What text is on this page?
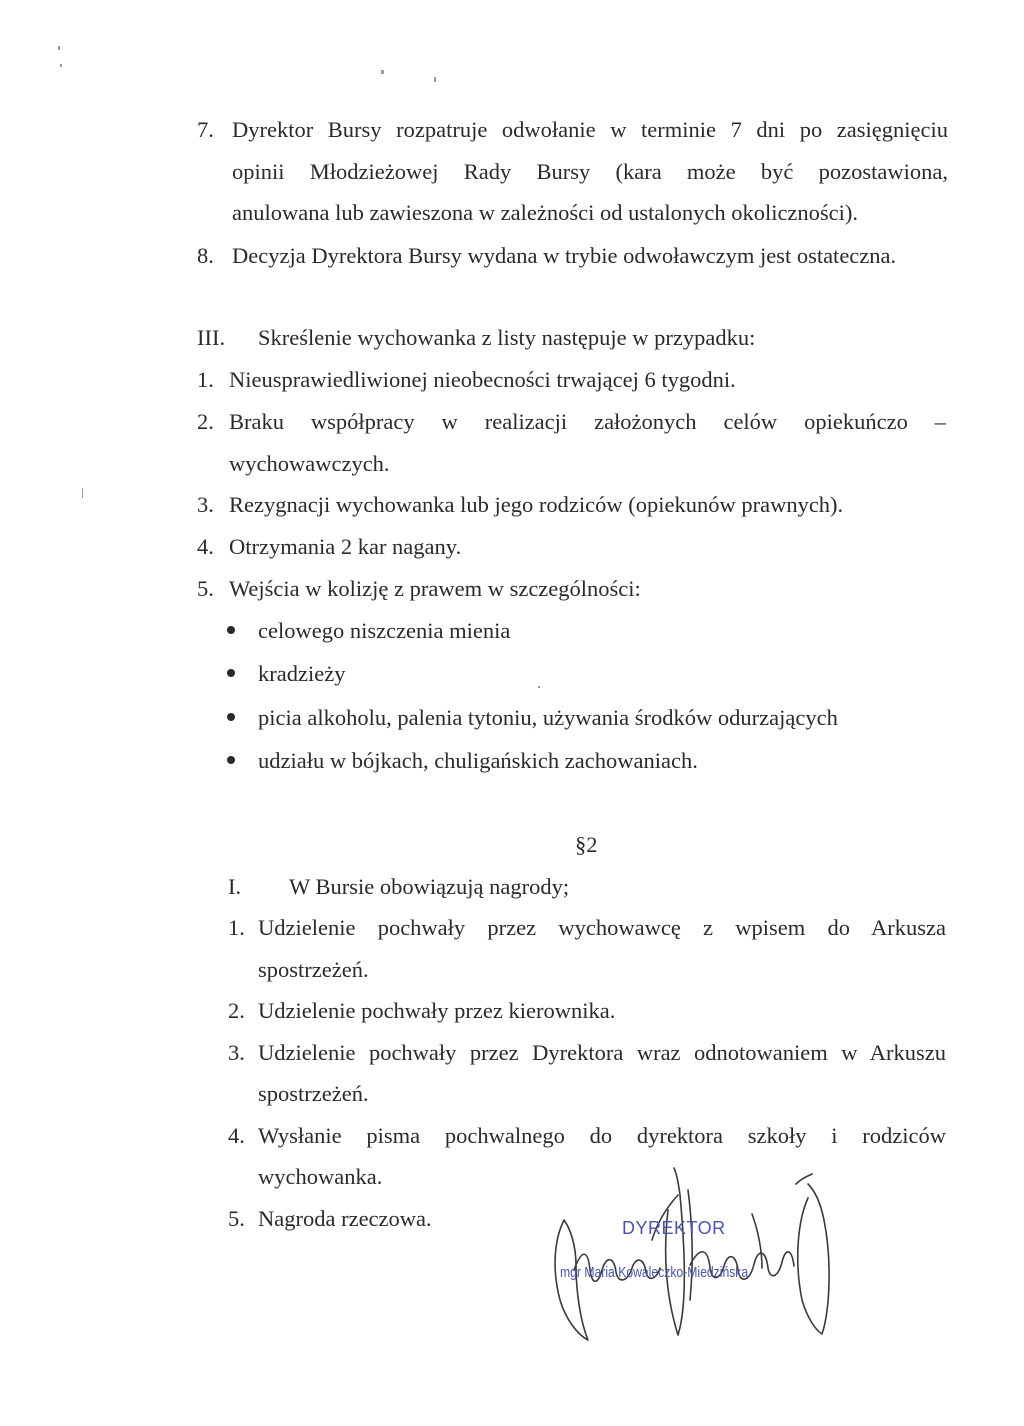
7. Dyrektor Bursy rozpatruje odwołanie w terminie 7 dni po zasięgnięciu
opinii Młodzieżowej Rady Bursy (kara może być pozostawiona,
anulowana lub zawieszona w zależności od ustalonych okoliczności).
8. Decyzja Dyrektora Bursy wydana w trybie odwoławczym jest ostateczna.
III. Skreślenie wychowanka z listy następuje w przypadku:
1. Nieusprawiedliwionej nieobecności trwającej 6 tygodni.
2. Braku współpracy w realizacji założonych celów opiekuńczo –
wychowawczych.
3. Rezygnacji wychowanka lub jego rodziców (opiekunów prawnych).
4. Otrzymania 2 kar nagany.
5. Wejścia w kolizję z prawem w szczególności:
celowego niszczenia mienia
kradzieży
picia alkoholu, palenia tytoniu, używania środków odurzających
udziału w bójkach, chuligańskich zachowaniach.
§2
I. W Bursie obowiązują nagrody;
1. Udzielenie pochwały przez wychowawcę z wpisem do Arkusza
spostrzeżeń.
2. Udzielenie pochwały przez kierownika.
3. Udzielenie pochwały przez Dyrektora wraz odnotowaniem w Arkuszu
spostrzeżeń.
4. Wysłanie pisma pochwalnego do dyrektora szkoły i rodziców
wychowanka.
5. Nagroda rzeczowa.	DYREKTOR
mgr Maria Kowaleczko-Miedzińska
